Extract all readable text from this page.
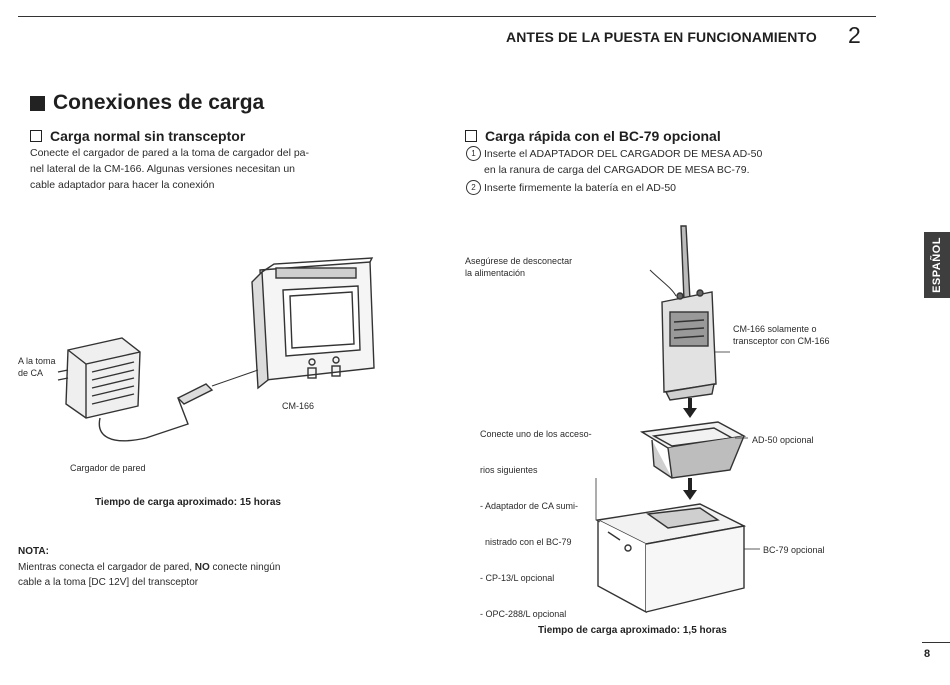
ANTES DE LA PUESTA EN FUNCIONAMIENTO 2
Conexiones de carga
Carga normal sin transceptor
Conecte el cargador de pared a la toma de cargador del pa-
nel lateral de la CM-166. Algunas versiones necesitan un
cable adaptador para hacer la conexión
A la toma
de CA
CM-166
Cargador de pared
Tiempo de carga aproximado: 15 horas
NOTA:
Mientras conecta el cargador de pared, NO conecte ningún
cable a la toma [DC 12V] del transceptor
Carga rápida con el BC-79 opcional
1 Inserte el ADAPTADOR DEL CARGADOR DE MESA AD-50
en la ranura de carga del CARGADOR DE MESA BC-79.
2 Inserte firmemente la batería en el AD-50
Asegúrese de desconectar
la alimentación
CM-166 solamente o
transceptor con CM-166

Conecte uno de los acceso-

rios siguientes

- Adaptador de CA sumi-

nistrado con el BC-79

- CP-13/L opcional

- OPC-288/L opcional

AD-50 opcional
BC-79 opcional
Tiempo de carga aproximado: 1,5 horas
ESPAÑOL
8
